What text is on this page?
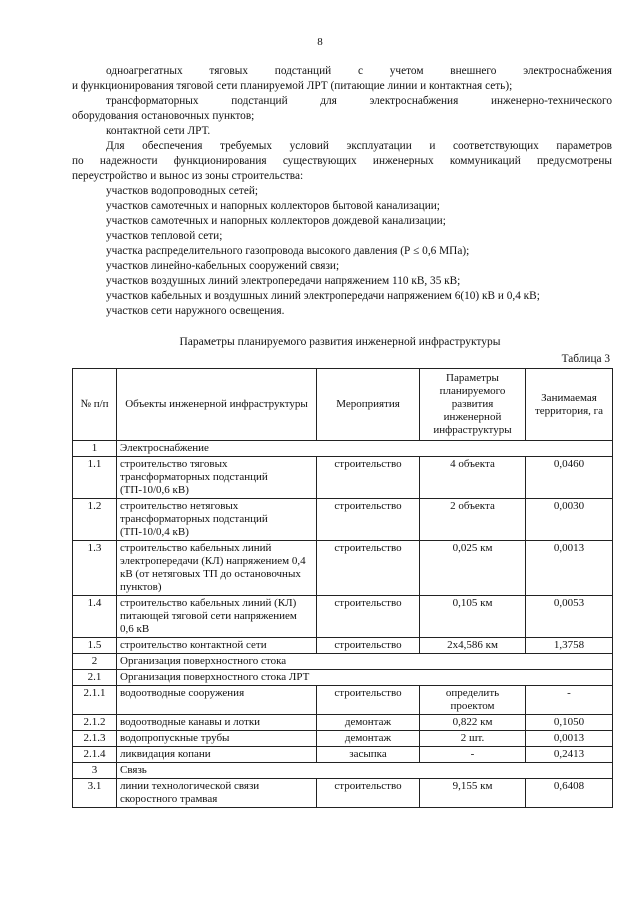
8

одноагрегатных тяговых подстанций с учетом внешнего электроснабжения

и функционирования тяговой сети планируемой ЛРТ (питающие линии и контактная сеть);

трансформаторных подстанций для электроснабжения инженерно-технического

оборудования остановочных пунктов;

контактной сети ЛРТ.

Для обеспечения требуемых условий эксплуатации и соответствующих параметров

по надежности функционирования существующих инженерных коммуникаций предусмотрены

переустройство и вынос из зоны строительства:

участков водопроводных сетей;

участков самотечных и напорных коллекторов бытовой канализации;

участков самотечных и напорных коллекторов дождевой канализации;

участков тепловой сети;

участка распределительного газопровода высокого давления (Р ≤ 0,6 МПа);

участков линейно-кабельных сооружений связи;

участков воздушных линий электропередачи напряжением 110 кВ, 35 кВ;

участков кабельных и воздушных линий электропередачи напряжением 6(10) кВ и 0,4 кВ;

участков сети наружного освещения.

Параметры планируемого развития инженерной инфраструктуры
Таблица 3
№ п/п	Объекты инженерной инфраструктуры	Мероприятия	Параметры планируемого развития инженерной инфраструктуры	Занимаемая территория, га
1	Электроснабжение			
1.1	строительство тяговых трансформаторных подстанций (ТП-10/0,6 кВ)	строительство	4 объекта	0,0460
1.2	строительство нетяговых трансформаторных подстанций (ТП-10/0,4 кВ)	строительство	2 объекта	0,0030
1.3	строительство кабельных линий электропередачи (КЛ) напряжением 0,4 кВ (от нетяговых ТП до остановочных пунктов)	строительство	0,025 км	0,0013
1.4	строительство кабельных линий (КЛ) питающей тяговой сети напряжением 0,6 кВ	строительство	0,105 км	0,0053
1.5	строительство контактной сети	строительство	2х4,586 км	1,3758
2	Организация поверхностного стока			
2.1	Организация поверхностного стока ЛРТ			
2.1.1	водоотводные сооружения	строительство	определить проектом	-
2.1.2	водоотводные канавы и лотки	демонтаж	0,822 км	0,1050
2.1.3	водопропускные трубы	демонтаж	2 шт.	0,0013
2.1.4	ликвидация копани	засыпка	-	0,2413
3	Связь			
3.1	линии технологической связи скоростного трамвая	строительство	9,155 км	0,6408
